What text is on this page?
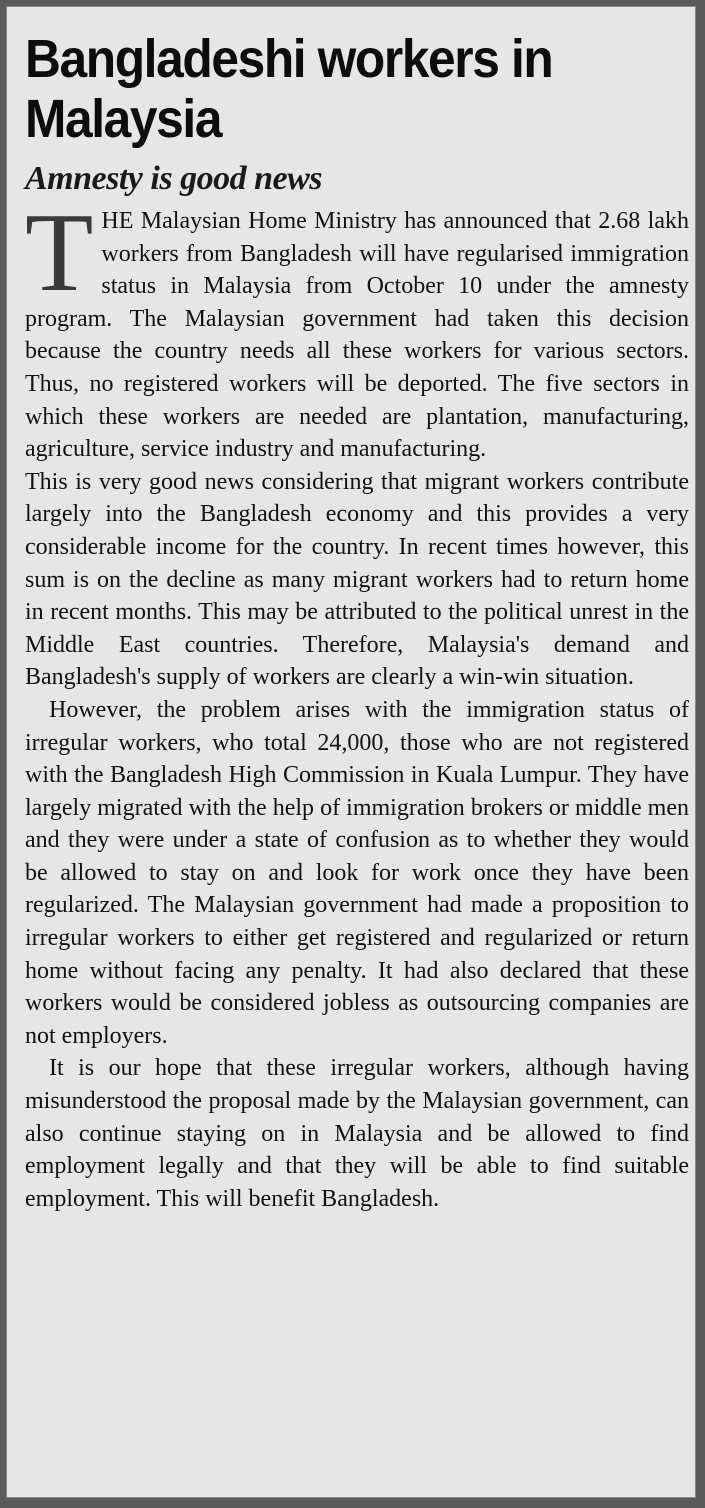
Bangladeshi workers in Malaysia
Amnesty is good news

THE Malaysian Home Ministry has announced that 2.68 lakh workers from Bangladesh will have regularised immigration status in Malaysia from October 10 under the amnesty program. The Malaysian government had taken this decision because the country needs all these workers for various sectors. Thus, no registered workers will be deported. The five sectors in which these workers are needed are plantation, manufacturing, agriculture, service industry and manufacturing.

This is very good news considering that migrant workers contribute largely into the Bangladesh economy and this provides a very considerable income for the country. In recent times however, this sum is on the decline as many migrant workers had to return home in recent months. This may be attributed to the political unrest in the Middle East countries. Therefore, Malaysia's demand and Bangladesh's supply of workers are clearly a win-win situation.

However, the problem arises with the immigration status of irregular workers, who total 24,000, those who are not registered with the Bangladesh High Commission in Kuala Lumpur. They have largely migrated with the help of immigration brokers or middle men and they were under a state of confusion as to whether they would be allowed to stay on and look for work once they have been regularized. The Malaysian government had made a proposition to irregular workers to either get registered and regularized or return home without facing any penalty. It had also declared that these workers would be considered jobless as outsourcing companies are not employers.

It is our hope that these irregular workers, although having misunderstood the proposal made by the Malaysian government, can also continue staying on in Malaysia and be allowed to find employment legally and that they will be able to find suitable employment. This will benefit Bangladesh.
